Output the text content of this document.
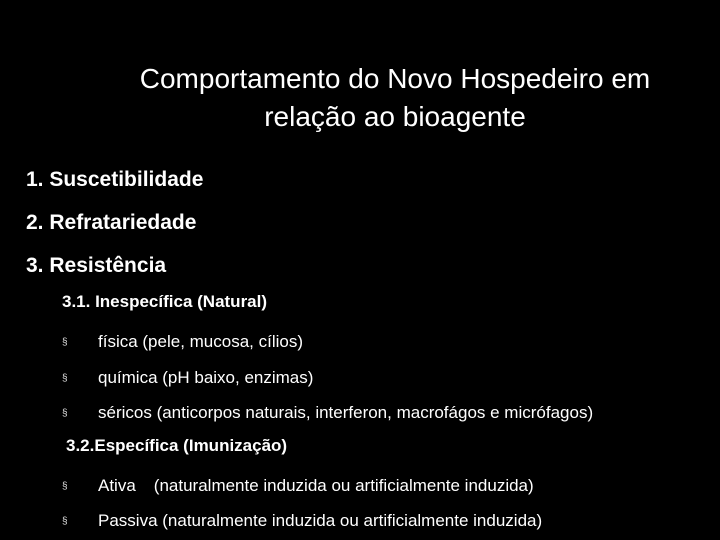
Comportamento do Novo Hospedeiro em
relação ao bioagente
1. Suscetibilidade
2. Refratariedade
3. Resistência
3.1. Inespecífica (Natural)
§ física (pele, mucosa, cílios)
§ química (pH baixo, enzimas)
§ séricos (anticorpos naturais, interferon, macrofágos e micrófagos)
3.2.Específica (Imunização)
§ Ativa (naturalmente induzida ou artificialmente induzida)
§ Passiva (naturalmente induzida ou artificialmente induzida)
